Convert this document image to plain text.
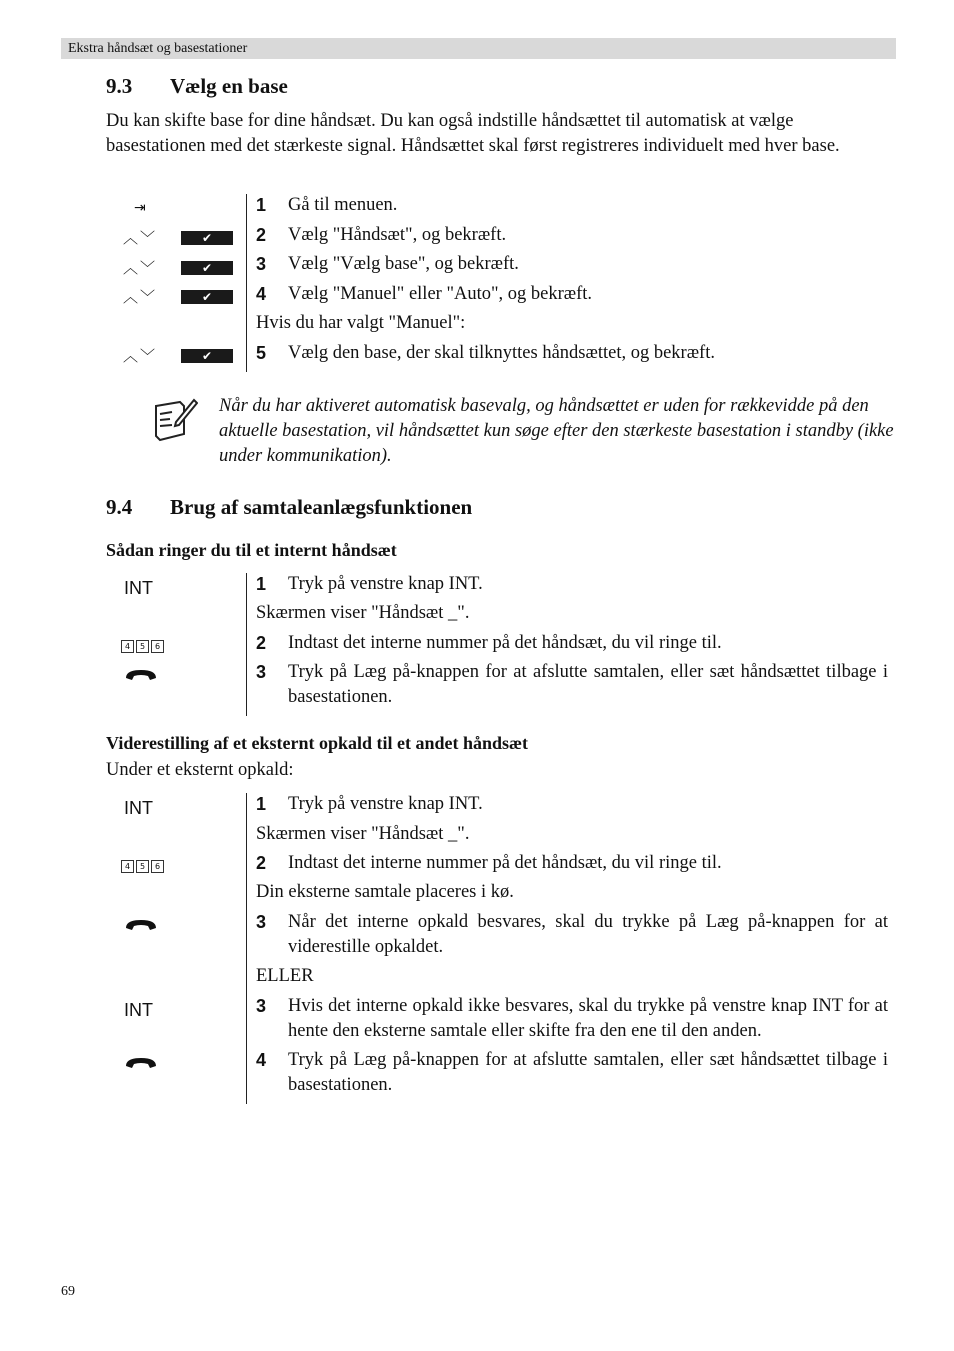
Ekstra håndsæt og basestationer
9.3 Vælg en base
Du kan skifte base for dine håndsæt. Du kan også indstille håndsættet til automatisk at vælge basestationen med det stærkeste signal. Håndsættet skal først registreres individuelt med hver base.
⇥
︿﹀	✔
︿﹀	✔
︿﹀	✔
︿﹀	✔
1 Gå til menuen.
2 Vælg "Håndsæt", og bekræft.
3 Vælg "Vælg base", og bekræft.
4 Vælg "Manuel" eller "Auto", og bekræft.
Hvis du har valgt "Manuel":
5 Vælg den base, der skal tilknyttes håndsættet, og bekræft.
Når du har aktiveret automatisk basevalg, og håndsættet er uden for rækkevidde på den aktuelle basestation, vil håndsættet kun søge efter den stærkeste basestation i standby (ikke under kommunikation).
9.4 Brug af samtaleanlægsfunktionen
Sådan ringer du til et internt håndsæt
INT
4	5	6
1 Tryk på venstre knap INT.
Skærmen viser "Håndsæt _".
2 Indtast det interne nummer på det håndsæt, du vil ringe til.
3 Tryk på Læg på-knappen for at afslutte samtalen, eller sæt håndsættet tilbage i basestationen.
Viderestilling af et eksternt opkald til et andet håndsæt
Under et eksternt opkald:
INT
4	5	6
INT
1 Tryk på venstre knap INT.
Skærmen viser "Håndsæt _".
2 Indtast det interne nummer på det håndsæt, du vil ringe til.
Din eksterne samtale placeres i kø.
3 Når det interne opkald besvares, skal du trykke på Læg på-knappen for at viderestille opkaldet.
ELLER
3 Hvis det interne opkald ikke besvares, skal du trykke på venstre knap INT for at hente den eksterne samtale eller skifte fra den ene til den anden.
4 Tryk på Læg på-knappen for at afslutte samtalen, eller sæt håndsættet tilbage i basestationen.
69
